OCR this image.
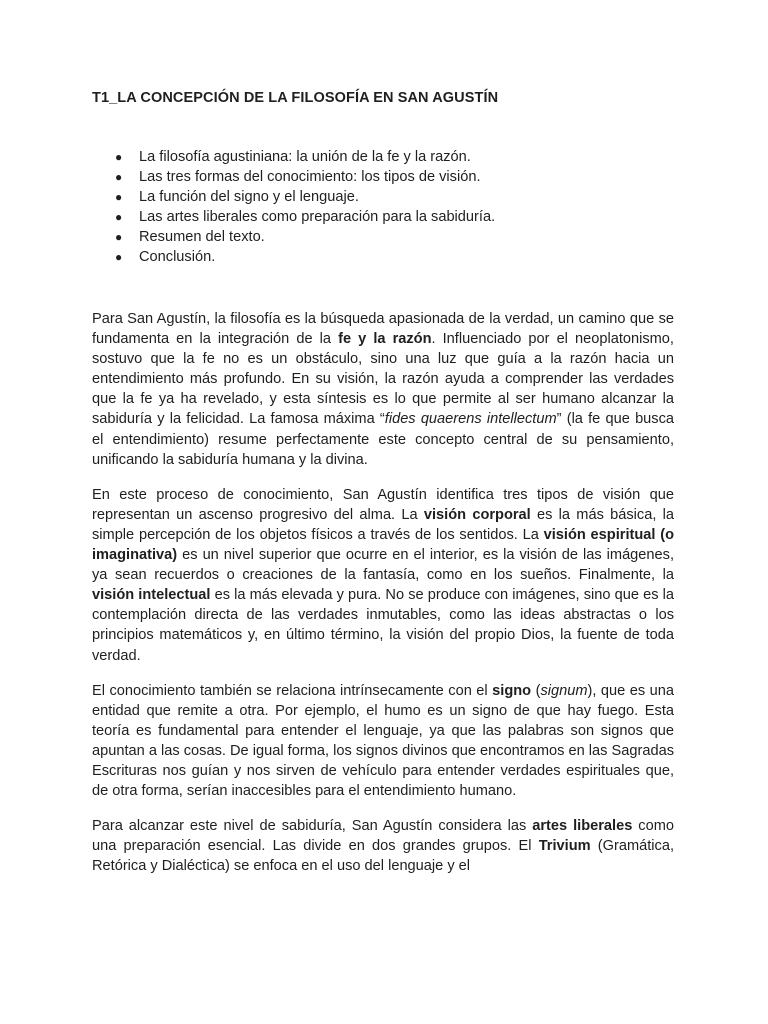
T1_LA CONCEPCIÓN DE LA FILOSOFÍA EN SAN AGUSTÍN
● La filosofía agustiniana: la unión de la fe y la razón.
● Las tres formas del conocimiento: los tipos de visión.
● La función del signo y el lenguaje.
● Las artes liberales como preparación para la sabiduría.
● Resumen del texto.
● Conclusión.

Para San Agustín, la filosofía es la búsqueda apasionada de la verdad, un camino que se fundamenta en la integración de la fe y la razón. Influenciado por el neoplatonismo, sostuvo que la fe no es un obstáculo, sino una luz que guía a la razón hacia un entendimiento más profundo. En su visión, la razón ayuda a comprender las verdades que la fe ya ha revelado, y esta síntesis es lo que permite al ser humano alcanzar la sabiduría y la felicidad. La famosa máxima “fides quaerens intellectum” (la fe que busca el entendimiento) resume perfectamente este concepto central de su pensamiento, unificando la sabiduría humana y la divina.

En este proceso de conocimiento, San Agustín identifica tres tipos de visión que representan un ascenso progresivo del alma. La visión corporal es la más básica, la simple percepción de los objetos físicos a través de los sentidos. La visión espiritual (o imaginativa) es un nivel superior que ocurre en el interior, es la visión de las imágenes, ya sean recuerdos o creaciones de la fantasía, como en los sueños. Finalmente, la visión intelectual es la más elevada y pura. No se produce con imágenes, sino que es la contemplación directa de las verdades inmutables, como las ideas abstractas o los principios matemáticos y, en último término, la visión del propio Dios, la fuente de toda verdad.

El conocimiento también se relaciona intrínsecamente con el signo (signum), que es una entidad que remite a otra. Por ejemplo, el humo es un signo de que hay fuego. Esta teoría es fundamental para entender el lenguaje, ya que las palabras son signos que apuntan a las cosas. De igual forma, los signos divinos que encontramos en las Sagradas Escrituras nos guían y nos sirven de vehículo para entender verdades espirituales que, de otra forma, serían inaccesibles para el entendimiento humano.

Para alcanzar este nivel de sabiduría, San Agustín considera las artes liberales como una preparación esencial. Las divide en dos grandes grupos. El Trivium (Gramática, Retórica y Dialéctica) se enfoca en el uso del lenguaje y el
